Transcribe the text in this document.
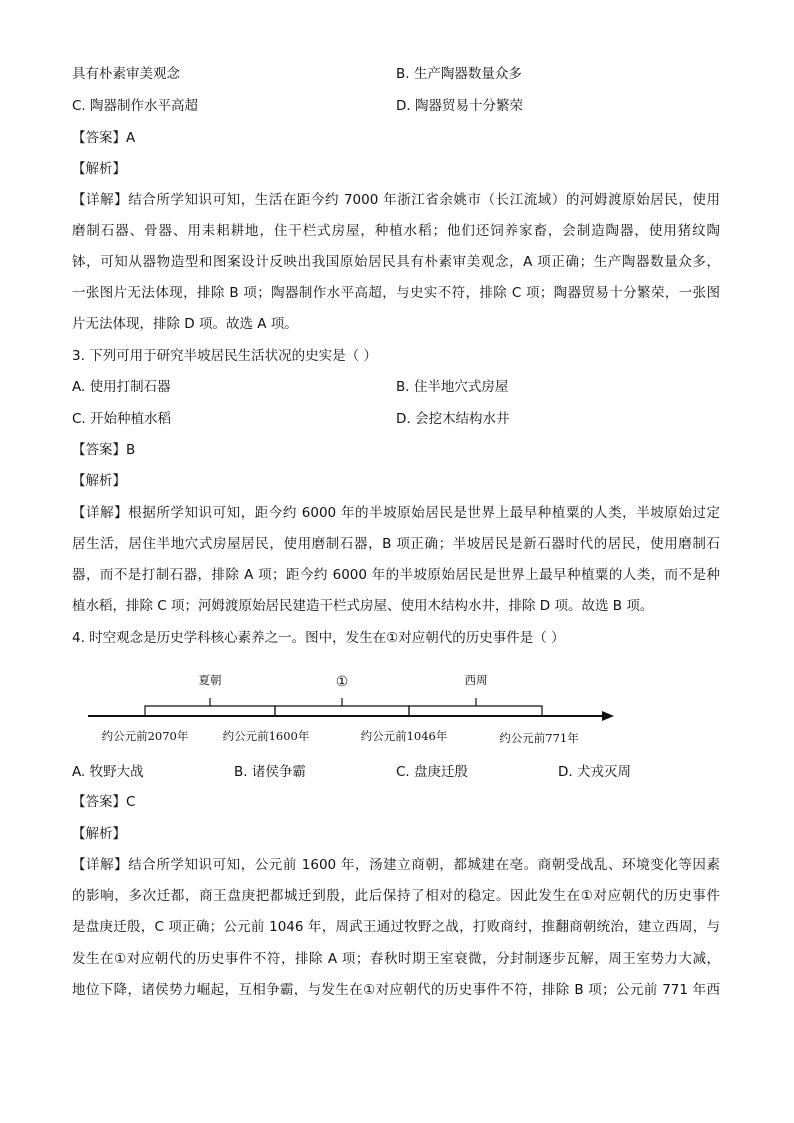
具有朴素审美观念	B. 生产陶器数量众多
C. 陶器制作水平高超	D. 陶器贸易十分繁荣
【答案】A
【解析】
【详解】结合所学知识可知，生活在距今约 7000 年浙江省余姚市（长江流域）的河姆渡原始居民，使用
磨制石器、骨器、用耒耜耕地，住干栏式房屋，种植水稻；他们还饲养家畜，会制造陶器，使用猪纹陶
钵，可知从器物造型和图案设计反映出我国原始居民具有朴素审美观念，A 项正确；生产陶器数量众多，
一张图片无法体现，排除 B 项；陶器制作水平高超，与史实不符，排除 C 项；陶器贸易十分繁荣，一张图
片无法体现，排除 D 项。故选 A 项。
3. 下列可用于研究半坡居民生活状况的史实是（ ）
A. 使用打制石器	B. 住半地穴式房屋
C. 开始种植水稻	D. 会挖木结构水井
【答案】B
【解析】
【详解】根据所学知识可知，距今约 6000 年的半坡原始居民是世界上最早种植粟的人类，半坡原始过定
居生活，居住半地穴式房屋居民，使用磨制石器，B 项正确；半坡居民是新石器时代的居民，使用磨制石
器，而不是打制石器，排除 A 项；距今约 6000 年的半坡原始居民是世界上最早种植粟的人类，而不是种
植水稻，排除 C 项；河姆渡原始居民建造干栏式房屋、使用木结构水井，排除 D 项。故选 B 项。
4. 时空观念是历史学科核心素养之一。图中，发生在①对应朝代的历史事件是（ ）
夏朝	①	西周
约公元前2070年	约公元前1600年	约公元前1046年	约公元前771年
A. 牧野大战	B. 诸侯争霸	C. 盘庚迁殷	D. 犬戎灭周
【答案】C
【解析】
【详解】结合所学知识可知，公元前 1600 年，汤建立商朝，都城建在亳。商朝受战乱、环境变化等因素
的影响，多次迁都，商王盘庚把都城迁到殷，此后保持了相对的稳定。因此发生在①对应朝代的历史事件
是盘庚迁殷，C 项正确；公元前 1046 年，周武王通过牧野之战，打败商纣，推翻商朝统治，建立西周，与
发生在①对应朝代的历史事件不符，排除 A 项；春秋时期王室衰微，分封制逐步瓦解，周王室势力大减，
地位下降，诸侯势力崛起，互相争霸，与发生在①对应朝代的历史事件不符，排除 B 项；公元前 771 年西
